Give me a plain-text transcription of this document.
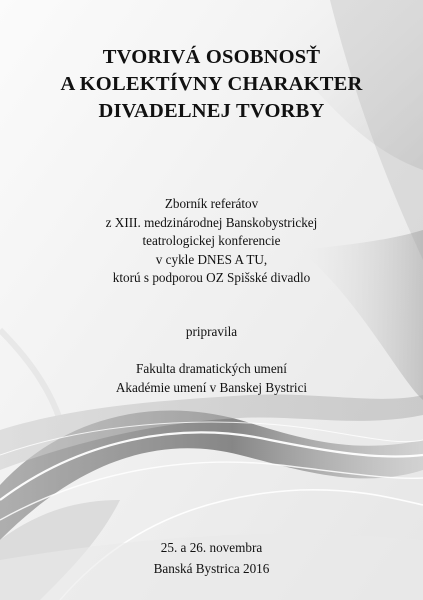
TVORIVÁ OSOBNOSŤ
A KOLEKTÍVNY CHARAKTER
DIVADELNEJ TVORBY
Zborník referátov
z XIII. medzinárodnej Banskobystrickej
teatrologickej konferencie
v cykle DNES A TU,
ktorú s podporou OZ Spišské divadlo
pripravila
Fakulta dramatických umení
Akadémie umení v Banskej Bystrici
25. a 26. novembra
Banská Bystrica 2016
